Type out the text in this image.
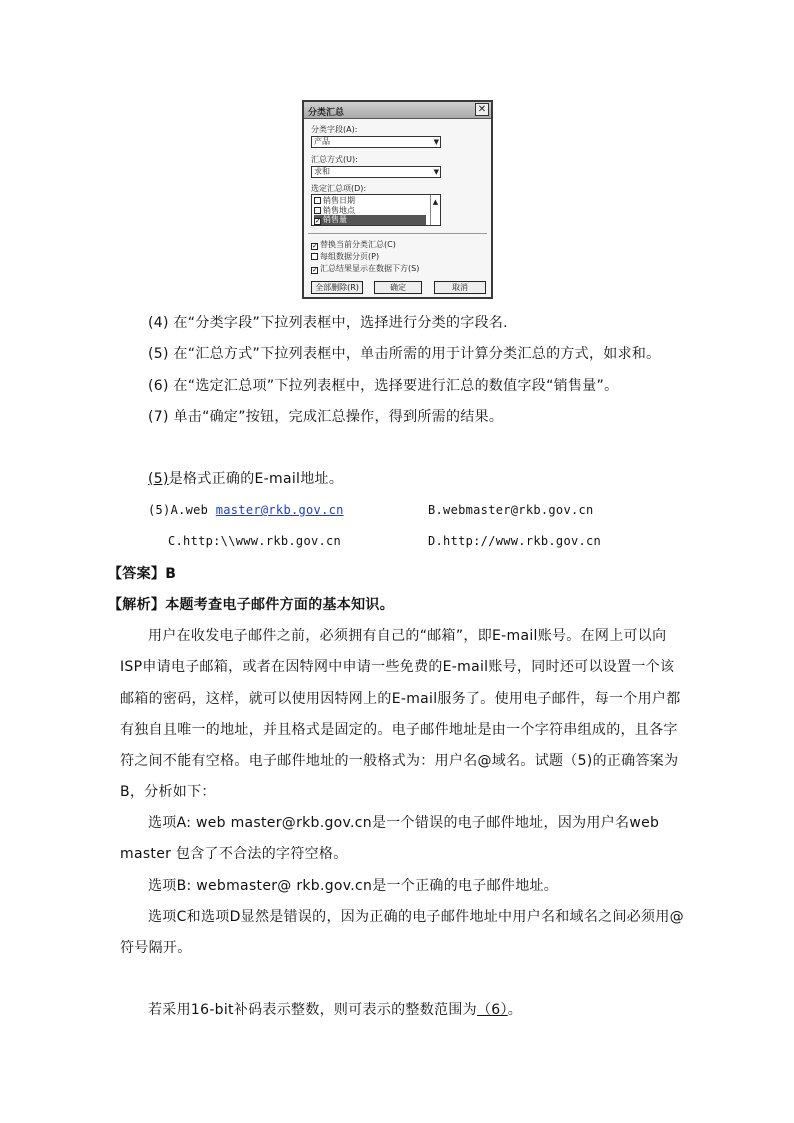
分类汇总	✕
分类字段(A):
产品	▼
汇总方式(U):
求和	▼
选定汇总项(D):
销售日期
销售地点
✓ 销售量
▲
✓ 替换当前分类汇总(C)
每组数据分页(P)
✓ 汇总结果显示在数据下方(S)
全部删除(R)	确定	取消
(4) 在“分类字段”下拉列表框中，选择进行分类的字段名.
(5) 在“汇总方式”下拉列表框中，单击所需的用于计算分类汇总的方式，如求和。
(6) 在“选定汇总项”下拉列表框中，选择要进行汇总的数值字段“销售量”。
(7) 单击“确定”按钮，完成汇总操作，得到所需的结果。
(5)是格式正确的E-mail地址。
(5)A.web master@rkb.gov.cn	B.webmaster@rkb.gov.cn
C.http:\\www.rkb.gov.cn	D.http://www.rkb.gov.cn
【答案】B
【解析】本题考查电子邮件方面的基本知识。
用户在收发电子邮件之前，必须拥有自己的“邮箱”，即E-mail账号。在网上可以向
ISP申请电子邮箱，或者在因特网中申请一些免费的E-mail账号，同时还可以设置一个该
邮箱的密码，这样，就可以使用因特网上的E-mail服务了。使用电子邮件，每一个用户都
有独自且唯一的地址，并且格式是固定的。电子邮件地址是由一个字符串组成的，且各字
符之间不能有空格。电子邮件地址的一般格式为：用户名@域名。试题（5)的正确答案为
B，分析如下：
选项A: web master@rkb.gov.cn是一个错误的电子邮件地址，因为用户名web
master 包含了不合法的字符空格。
选项B: webmaster@ rkb.gov.cn是一个正确的电子邮件地址。
选项C和选项D显然是错误的，因为正确的电子邮件地址中用户名和域名之间必须用@
符号隔开。
若采用16-bit补码表示整数，则可表示的整数范围为（6）。
